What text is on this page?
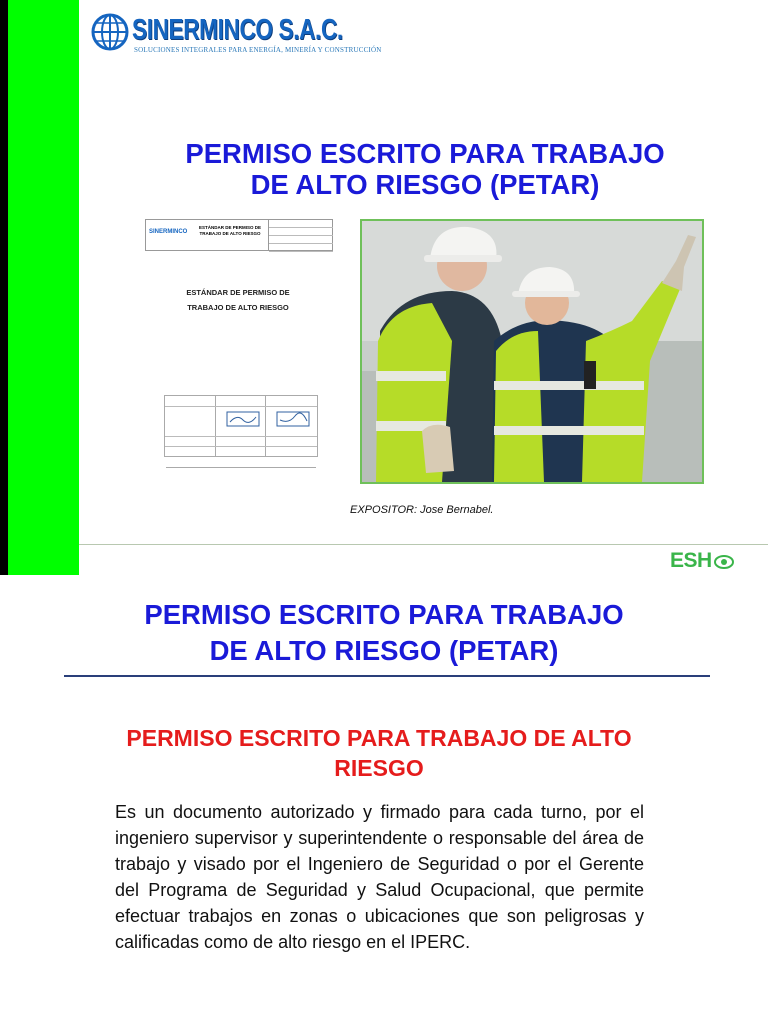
SINERMINCO S.A.C.
SOLUCIONES INTEGRALES PARA ENERGÍA, MINERÍA Y CONSTRUCCIÓN
PERMISO ESCRITO PARA TRABAJO
DE ALTO RIESGO (PETAR)
SINERMINCO
ESTÁNDAR DE PERMISO DE TRABAJO DE ALTO RIESGO
ESTÁNDAR DE PERMISO DE
TRABAJO DE ALTO RIESGO
EXPOSITOR: Jose Bernabel.
ESH
PERMISO ESCRITO PARA TRABAJO
DE ALTO RIESGO (PETAR)
PERMISO ESCRITO PARA TRABAJO DE ALTO
RIESGO

Es un documento autorizado y firmado para cada turno, por el ingeniero supervisor y superintendente o responsable del área de trabajo y visado por el Ingeniero de Seguridad o por el Gerente del Programa de Seguridad y Salud Ocupacional, que permite efectuar trabajos en zonas o ubicaciones que son peligrosas y calificadas como de alto riesgo en el IPERC.
